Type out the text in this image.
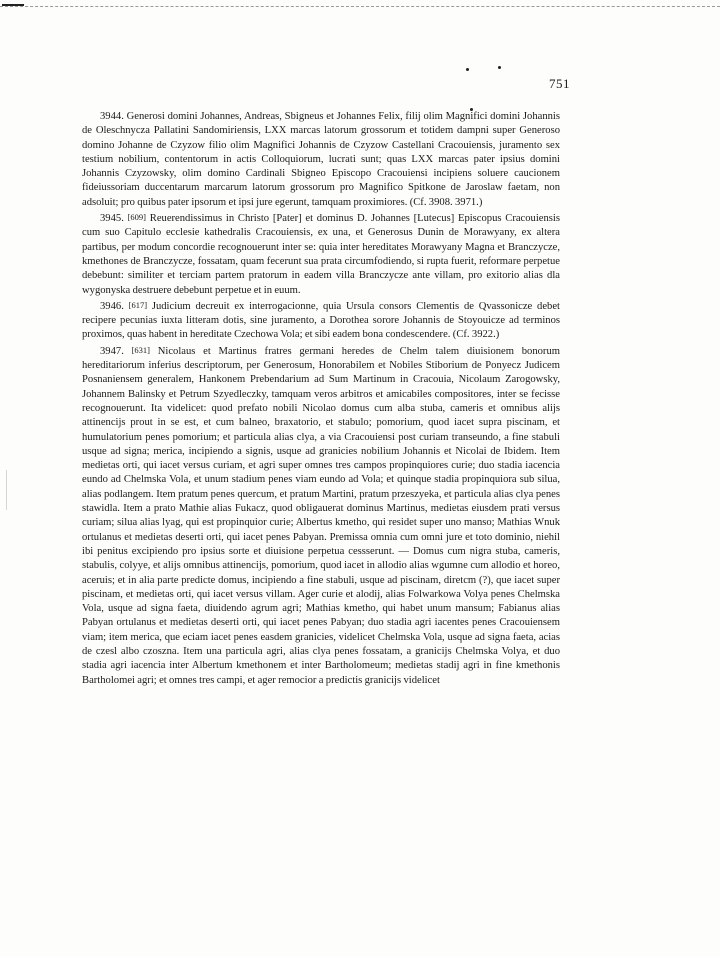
751

3944. Generosi domini Johannes, Andreas, Sbigneus et Johannes Felix, filij olim Magnifici domini Johannis de Oleschnycza Pallatini Sandomiriensis, LXX marcas latorum grossorum et totidem dampni super Generoso domino Johanne de Czyzow filio olim Magnifici Johannis de Czyzow Castellani Cracouiensis, juramento sex testium nobilium, contentorum in actis Colloquiorum, lucrati sunt; quas LXX marcas pater ipsius domini Johannis Czyzowsky, olim domino Cardinali Sbigneo Episcopo Cracouiensi incipiens soluere caucionem fideiussoriam duccentarum marcarum latorum grossorum pro Magnifico Spitkone de Jaroslaw faetam, non adsoluit; pro quibus pater ipsorum et ipsi jure egerunt, tamquam proximiores. (Cf. 3908. 3971.)

3945. [609] Reuerendissimus in Christo [Pater] et dominus D. Johannes [Lutecus] Episcopus Cracouiensis cum suo Capitulo ecclesie kathedralis Cracouiensis, ex una, et Generosus Dunin de Morawyany, ex altera partibus, per modum concordie recognouerunt inter se: quia inter hereditates Morawyany Magna et Branczycze, kmethones de Branczycze, fossatam, quam fecerunt sua prata circumfodiendo, si rupta fuerit, reformare perpetue debebunt: similiter et terciam partem pratorum in eadem villa Branczycze ante villam, pro exitorio alias dla wygonyska destruere debebunt perpetue et in euum.

3946. [617] Judicium decreuit ex interrogacionne, quia Ursula consors Clementis de Qvassonicze debet recipere pecunias iuxta litteram dotis, sine juramento, a Dorothea sorore Johannis de Stoyouicze ad terminos proximos, quas habent in hereditate Czechowa Vola; et sibi eadem bona condescendere. (Cf. 3922.)

3947. [631] Nicolaus et Martinus fratres germani heredes de Chelm talem diuisionem bonorum hereditariorum inferius descriptorum, per Generosum, Honorabilem et Nobiles Stiborium de Ponyecz Judicem Posnaniensem generalem, Hankonem Prebendarium ad Sum Martinum in Cracouia, Nicolaum Zarogowsky, Johannem Balinsky et Petrum Szyedleczky, tamquam veros arbitros et amicabiles compositores, inter se fecisse recognouerunt. Ita videlicet: quod prefato nobili Nicolao domus cum alba stuba, cameris et omnibus alijs attinencijs prout in se est, et cum balneo, braxatorio, et stabulo; pomorium, quod iacet supra piscinam, et humulatorium penes pomorium; et particula alias clya, a via Cracouiensi post curiam transeundo, a fine stabuli usque ad signa; merica, incipiendo a signis, usque ad granicies nobilium Johannis et Nicolai de Ibidem. Item medietas orti, qui iacet versus curiam, et agri super omnes tres campos propinquiores curie; duo stadia iacencia eundo ad Chelmska Vola, et unum stadium penes viam eundo ad Vola; et quinque stadia propinquiora sub silua, alias podlangem. Item pratum penes quercum, et pratum Martini, pratum przeszyeka, et particula alias clya penes stawidla. Item a prato Mathie alias Fukacz, quod obligauerat dominus Martinus, medietas eiusdem prati versus curiam; silua alias lyag, qui est propinquior curie; Albertus kmetho, qui residet super uno manso; Mathias Wnuk ortulanus et medietas deserti orti, qui iacet penes Pabyan. Premissa omnia cum omni jure et toto dominio, niehil ibi penitus excipiendo pro ipsius sorte et diuisione perpetua cessserunt. — Domus cum nigra stuba, cameris, stabulis, colyye, et alijs omnibus attinencijs, pomorium, quod iacet in allodio alias wgumne cum allodio et horeo, aceruis; et in alia parte predicte domus, incipiendo a fine stabuli, usque ad piscinam, diretcm (?), que iacet super piscinam, et medietas orti, qui iacet versus villam. Ager curie et alodij, alias Folwarkowa Volya penes Chelmska Vola, usque ad signa faeta, diuidendo agrum agri; Mathias kmetho, qui habet unum mansum; Fabianus alias Pabyan ortulanus et medietas deserti orti, qui iacet penes Pabyan; duo stadia agri iacentes penes Cracouiensem viam; item merica, que eciam iacet penes easdem granicies, videlicet Chelmska Vola, usque ad signa faeta, acias de czesl albo czoszna. Item una particula agri, alias clya penes fossatam, a granicijs Chelmska Volya, et duo stadia agri iacencia inter Albertum kmethonem et inter Bartholomeum; medietas stadij agri in fine kmethonis Bartholomei agri; et omnes tres campi, et ager remocior a predictis granicijs videlicet
